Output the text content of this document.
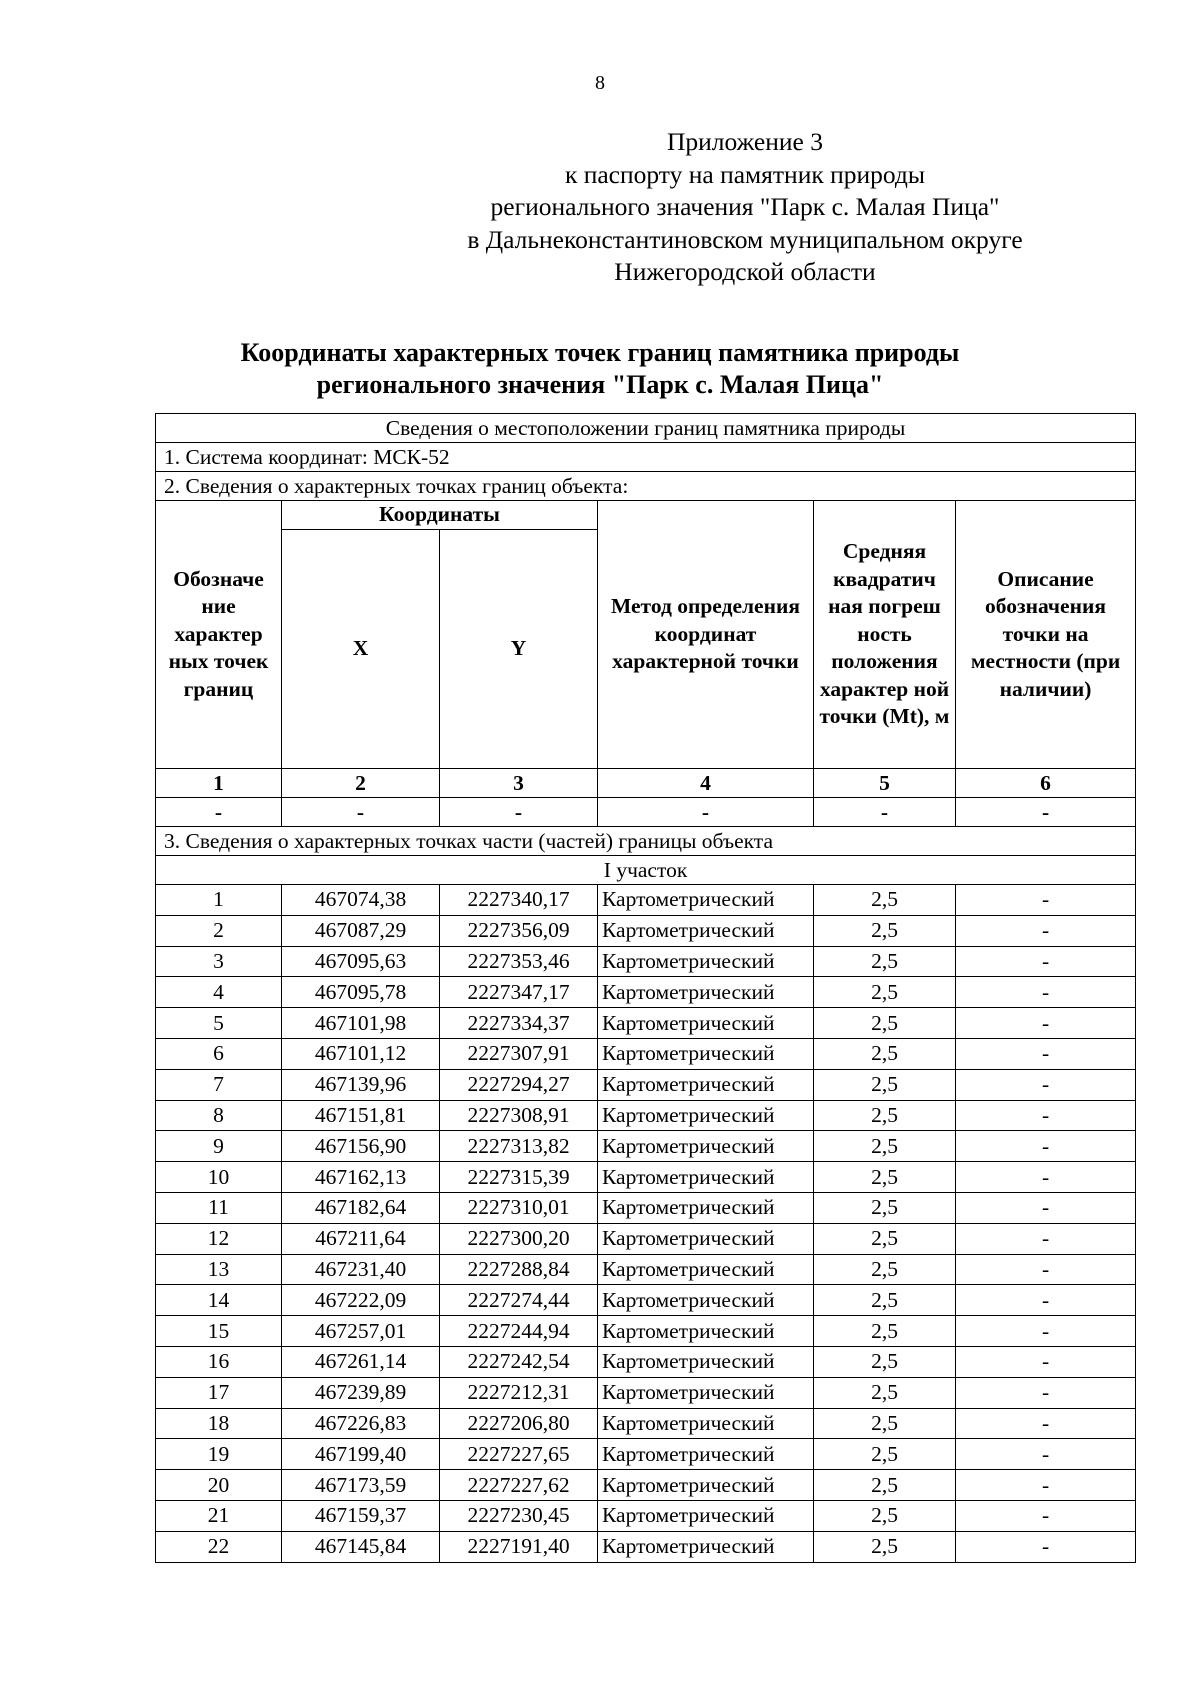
8
Приложение 3
к паспорту на памятник природы
регионального значения "Парк с. Малая Пица"
в Дальнеконстантиновском муниципальном округе
Нижегородской области
Координаты характерных точек границ памятника природы
регионального значения "Парк с. Малая Пица"
Сведения о местоположении границ памятника природы					
1. Система координат: МСК-52					
2. Сведения о характерных точках границ объекта:					
Обозначе ние характер ных точек границ	Координаты		Метод определения координат характерной точки	Средняя квадратич ная погреш ность положения характер ной точки (Mt), м	Описание обозначения точки на местности (при наличии)
	X	Y			
1	2	3	4	5	6
-	-	-	-	-	-
3. Сведения о характерных точках части (частей) границы объекта					
I участок					
1	467074,38	2227340,17	Картометрический	2,5	-
2	467087,29	2227356,09	Картометрический	2,5	-
3	467095,63	2227353,46	Картометрический	2,5	-
4	467095,78	2227347,17	Картометрический	2,5	-
5	467101,98	2227334,37	Картометрический	2,5	-
6	467101,12	2227307,91	Картометрический	2,5	-
7	467139,96	2227294,27	Картометрический	2,5	-
8	467151,81	2227308,91	Картометрический	2,5	-
9	467156,90	2227313,82	Картометрический	2,5	-
10	467162,13	2227315,39	Картометрический	2,5	-
11	467182,64	2227310,01	Картометрический	2,5	-
12	467211,64	2227300,20	Картометрический	2,5	-
13	467231,40	2227288,84	Картометрический	2,5	-
14	467222,09	2227274,44	Картометрический	2,5	-
15	467257,01	2227244,94	Картометрический	2,5	-
16	467261,14	2227242,54	Картометрический	2,5	-
17	467239,89	2227212,31	Картометрический	2,5	-
18	467226,83	2227206,80	Картометрический	2,5	-
19	467199,40	2227227,65	Картометрический	2,5	-
20	467173,59	2227227,62	Картометрический	2,5	-
21	467159,37	2227230,45	Картометрический	2,5	-
22	467145,84	2227191,40	Картометрический	2,5	-
